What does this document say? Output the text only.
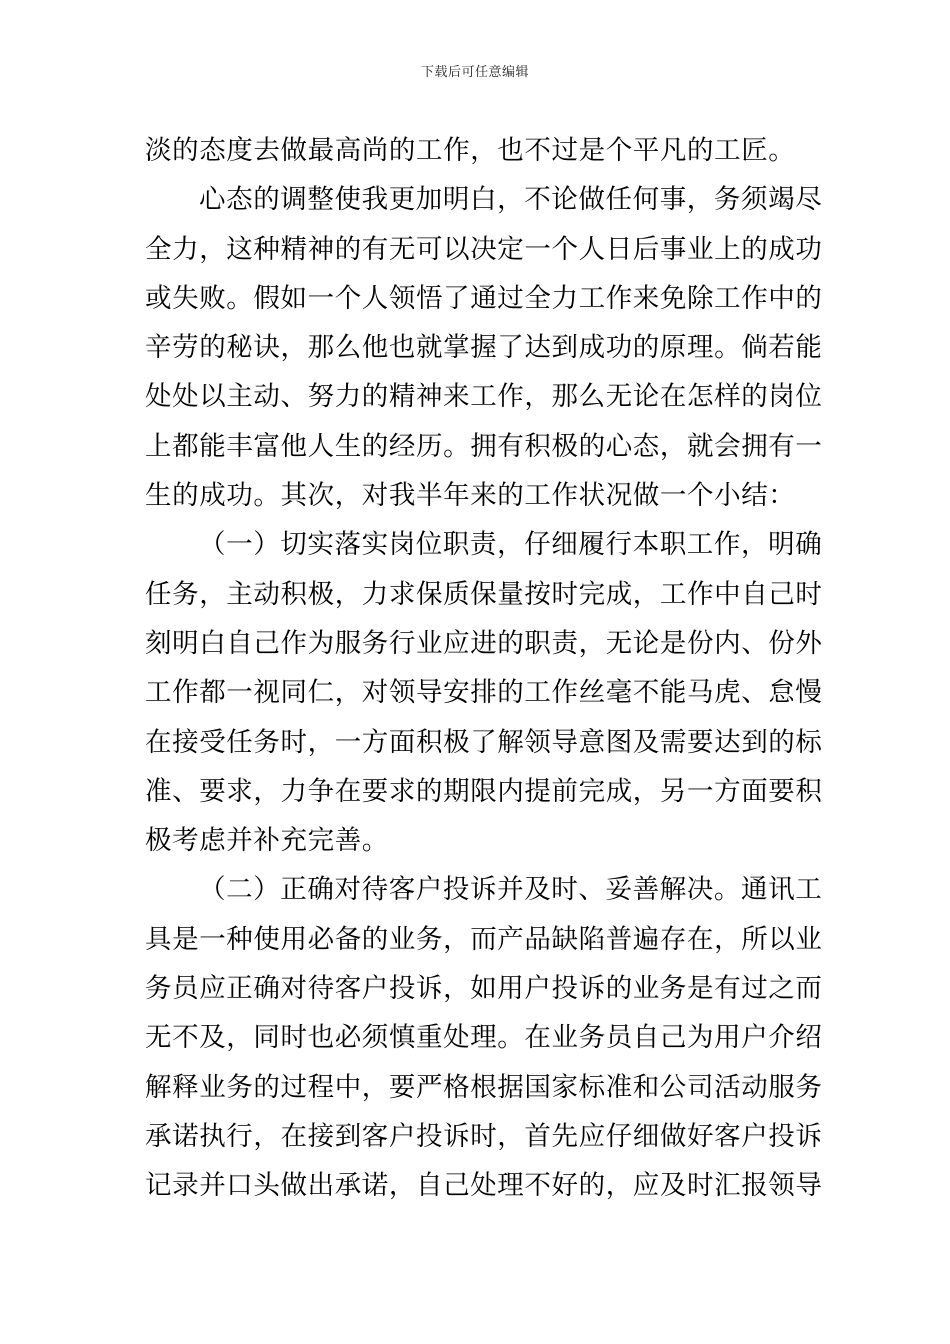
下载后可任意编辑
淡的态度去做最高尚的工作，也不过是个平凡的工匠。
心态的调整使我更加明白，不论做任何事，务须竭尽
全力，这种精神的有无可以决定一个人日后事业上的成功
或失败。假如一个人领悟了通过全力工作来免除工作中的
辛劳的秘诀，那么他也就掌握了达到成功的原理。倘若能
处处以主动、努力的精神来工作，那么无论在怎样的岗位
上都能丰富他人生的经历。拥有积极的心态，就会拥有一
生的成功。其次，对我半年来的工作状况做一个小结：
（一）切实落实岗位职责，仔细履行本职工作，明确
任务，主动积极，力求保质保量按时完成，工作中自己时
刻明白自己作为服务行业应进的职责，无论是份内、份外
工作都一视同仁，对领导安排的工作丝毫不能马虎、怠慢
在接受任务时，一方面积极了解领导意图及需要达到的标
准、要求，力争在要求的期限内提前完成，另一方面要积
极考虑并补充完善。
（二）正确对待客户投诉并及时、妥善解决。通讯工
具是一种使用必备的业务，而产品缺陷普遍存在，所以业
务员应正确对待客户投诉，如用户投诉的业务是有过之而
无不及，同时也必须慎重处理。在业务员自己为用户介绍
解释业务的过程中，要严格根据国家标准和公司活动服务
承诺执行，在接到客户投诉时，首先应仔细做好客户投诉
记录并口头做出承诺，自己处理不好的，应及时汇报领导
